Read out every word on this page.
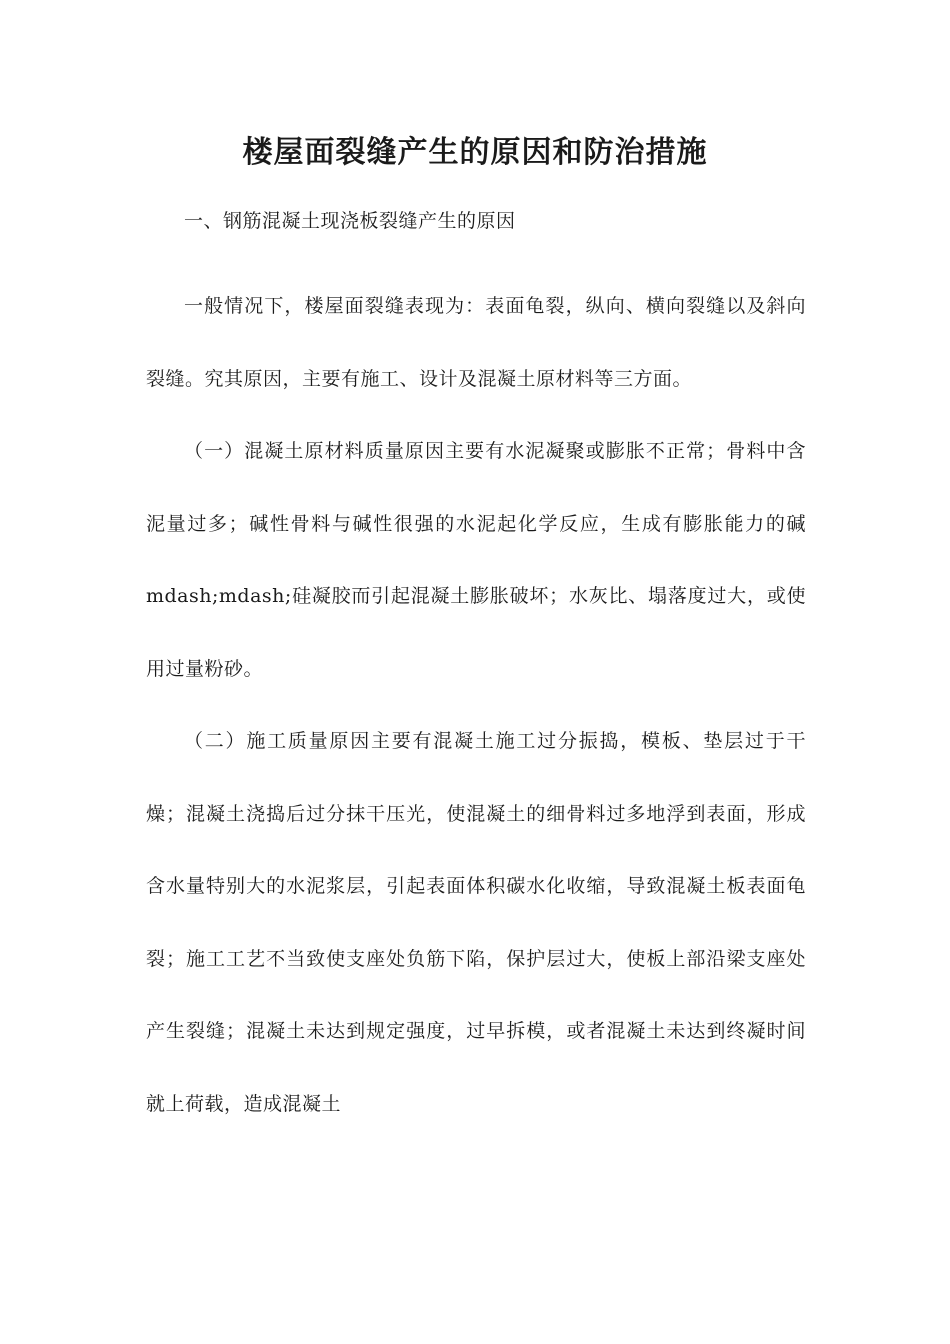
楼屋面裂缝产生的原因和防治措施

一、钢筋混凝土现浇板裂缝产生的原因

一般情况下，楼屋面裂缝表现为：表面龟裂，纵向、横向裂缝以及斜向裂缝。究其原因，主要有施工、设计及混凝土原材料等三方面。

（一）混凝土原材料质量原因主要有水泥凝聚或膨胀不正常；骨料中含泥量过多；碱性骨料与碱性很强的水泥起化学反应，生成有膨胀能力的碱mdash;mdash;硅凝胶而引起混凝土膨胀破坏；水灰比、塌落度过大，或使用过量粉砂。

（二）施工质量原因主要有混凝土施工过分振捣，模板、垫层过于干燥；混凝土浇捣后过分抹干压光，使混凝土的细骨料过多地浮到表面，形成含水量特别大的水泥浆层，引起表面体积碳水化收缩，导致混凝土板表面龟裂；施工工艺不当致使支座处负筋下陷，保护层过大，使板上部沿梁支座处产生裂缝；混凝土未达到规定强度，过早拆模，或者混凝土未达到终凝时间就上荷载，造成混凝土
